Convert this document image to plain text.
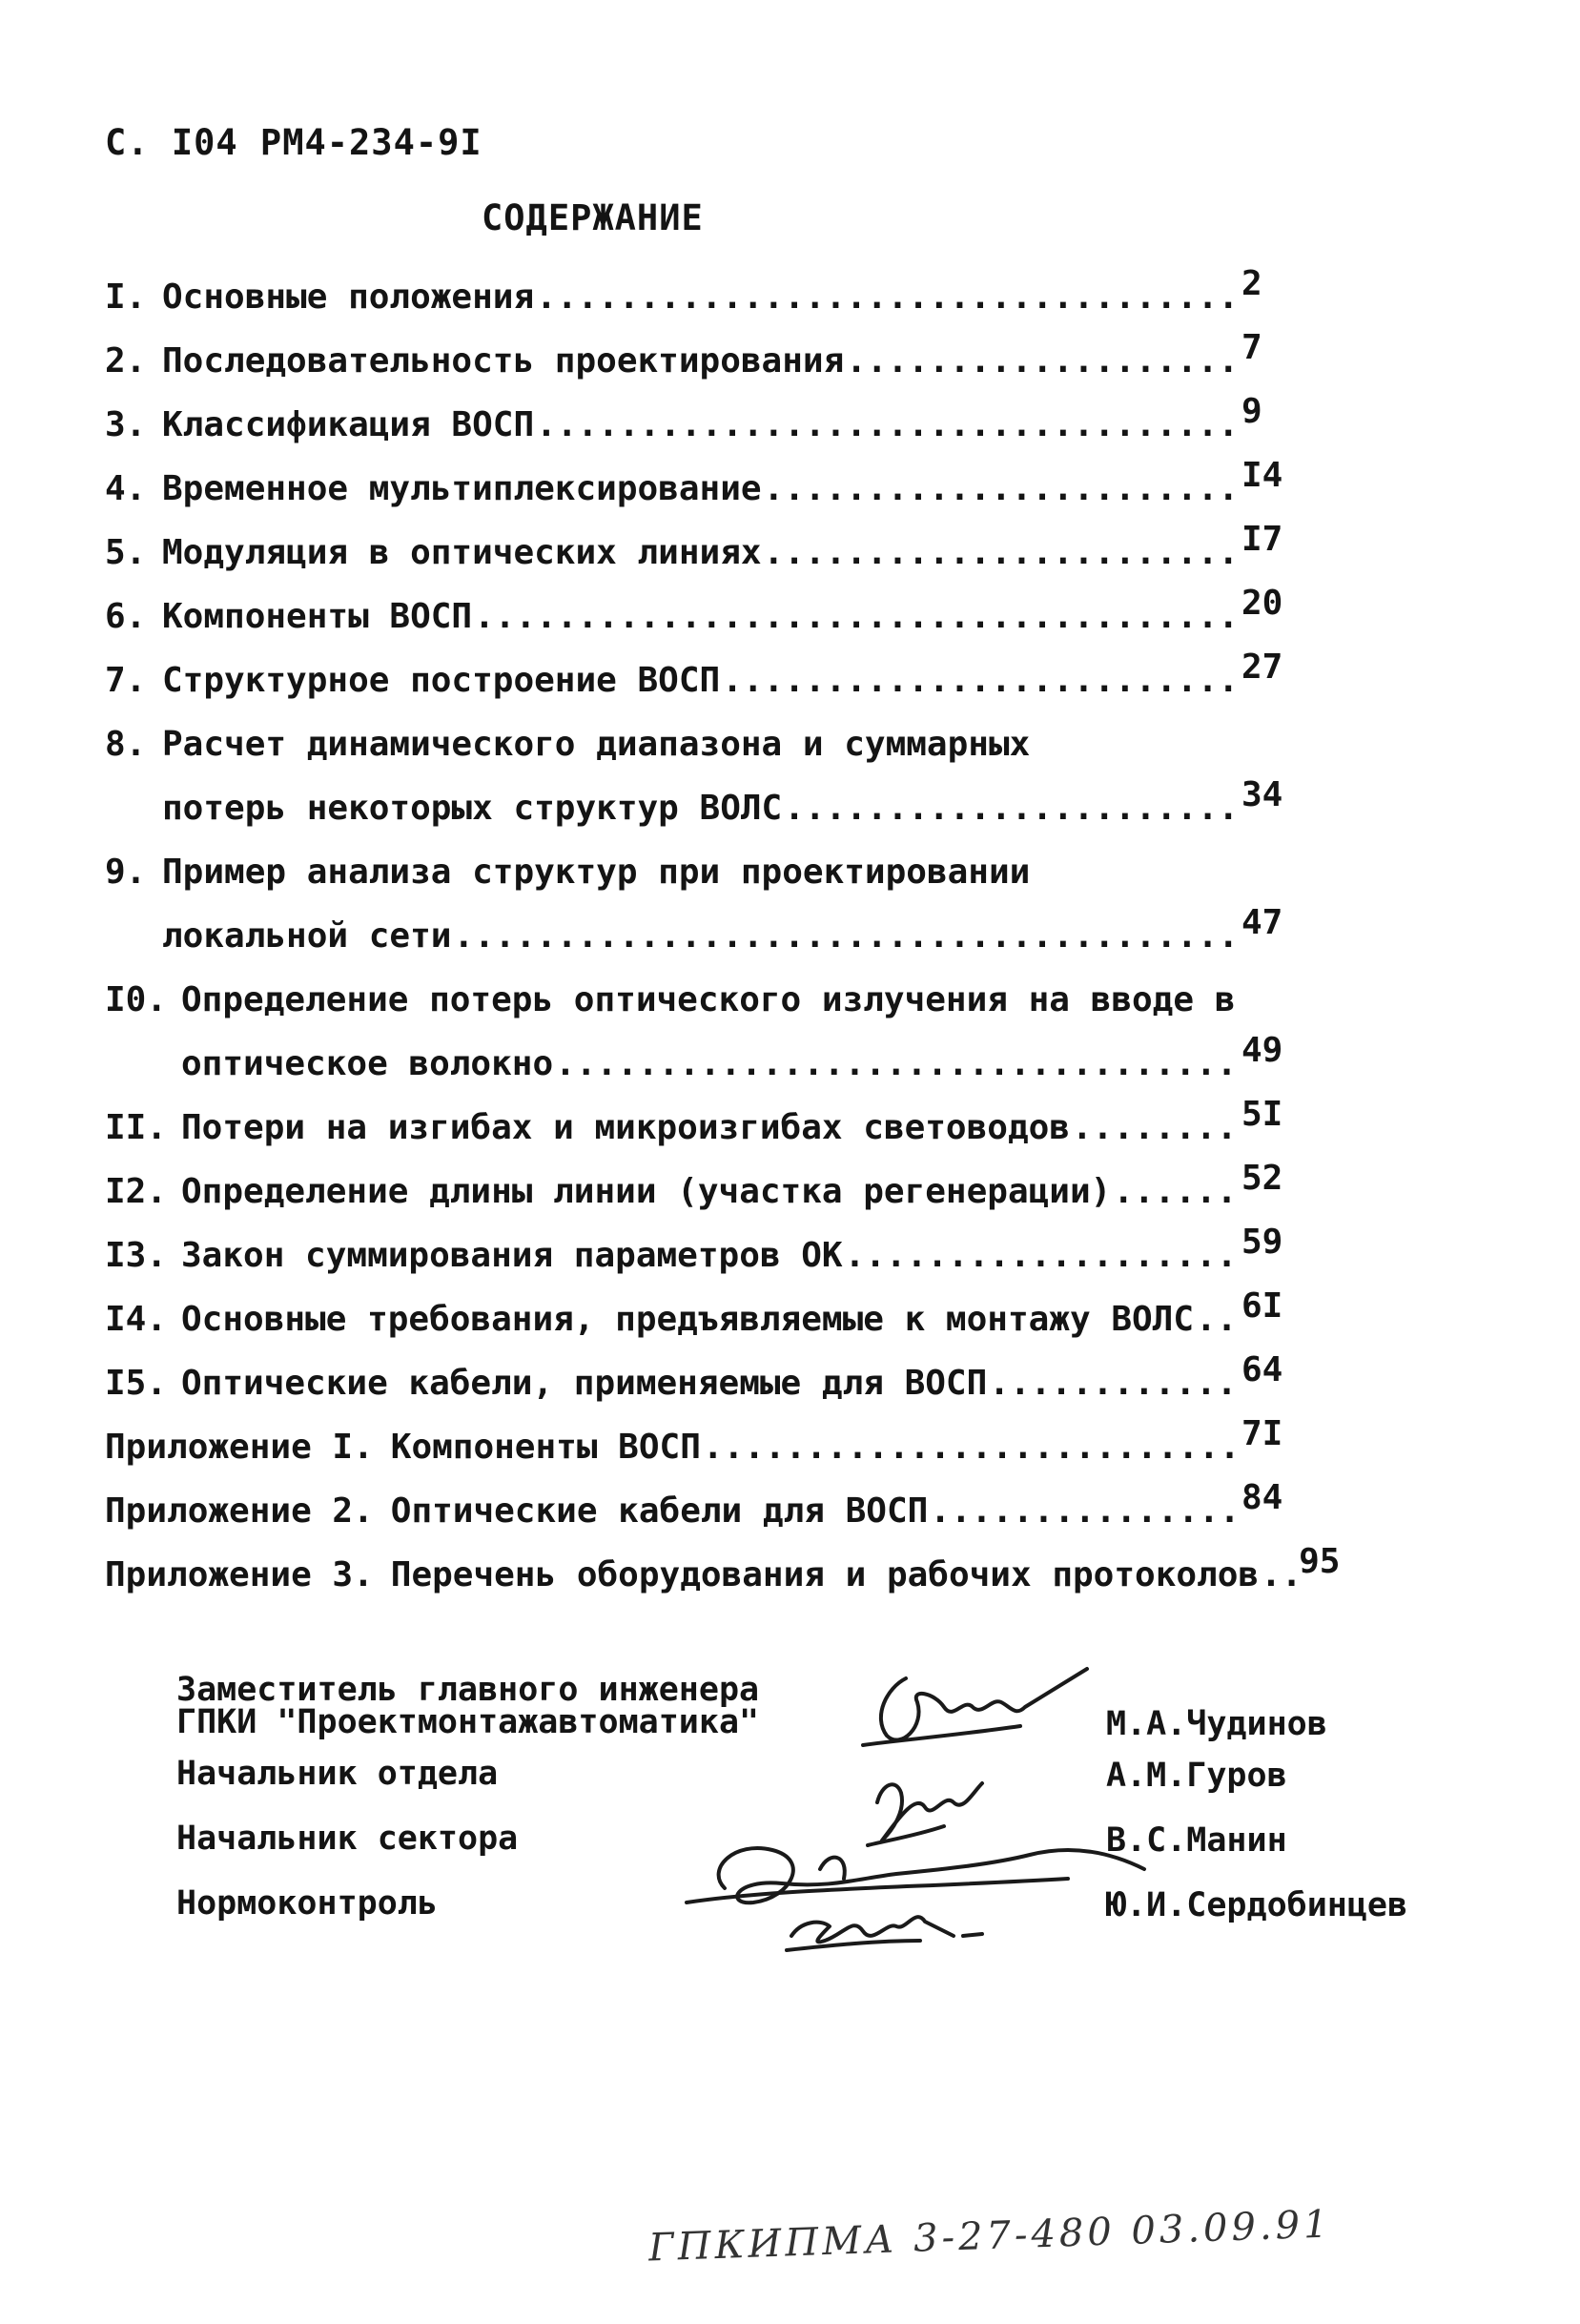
С. I04 РМ4-234-9I
СОДЕРЖАНИЕ
I. Основные положения .....	2
2. Последовательность проектирования .....	7
3. Классификация ВОСП .....	9
4. Временное мультиплексирование .....	I4
5. Модуляция в оптических линиях .....	I7
6. Компоненты ВОСП .....	20
7. Структурное построение ВОСП .....	27
8. Расчет динамического диапазона и суммарных
потерь некоторых структур ВОЛС .....	34
9. Пример анализа структур при проектировании
локальной сети .....	47
I0. Определение потерь оптического излучения на вводе в
оптическое волокно .....	49
II. Потери на изгибах и микроизгибах световодов .....	5I
I2. Определение длины линии (участка регенерации) .....	52
I3. Закон суммирования параметров ОК .....	59
I4. Основные требования, предъявляемые к монтажу ВОЛС ..... 6I
I5. Оптические кабели, применяемые для ВОСП .....	64
Приложение I. Компоненты ВОСП .....	7I
Приложение 2. Оптические кабели для ВОСП .....	84
Приложение 3. Перечень оборудования и рабочих протоколов ..... 95
Заместитель главного инженера
ГПКИ "Проектмонтажавтоматика"	М.А.Чудинов
Начальник отдела	А.М.Гуров
Начальник сектора	В.С.Манин
Нормоконтроль	Ю.И.Сердобинцев
ГПКИПМА 3-27-480 03.09.91
